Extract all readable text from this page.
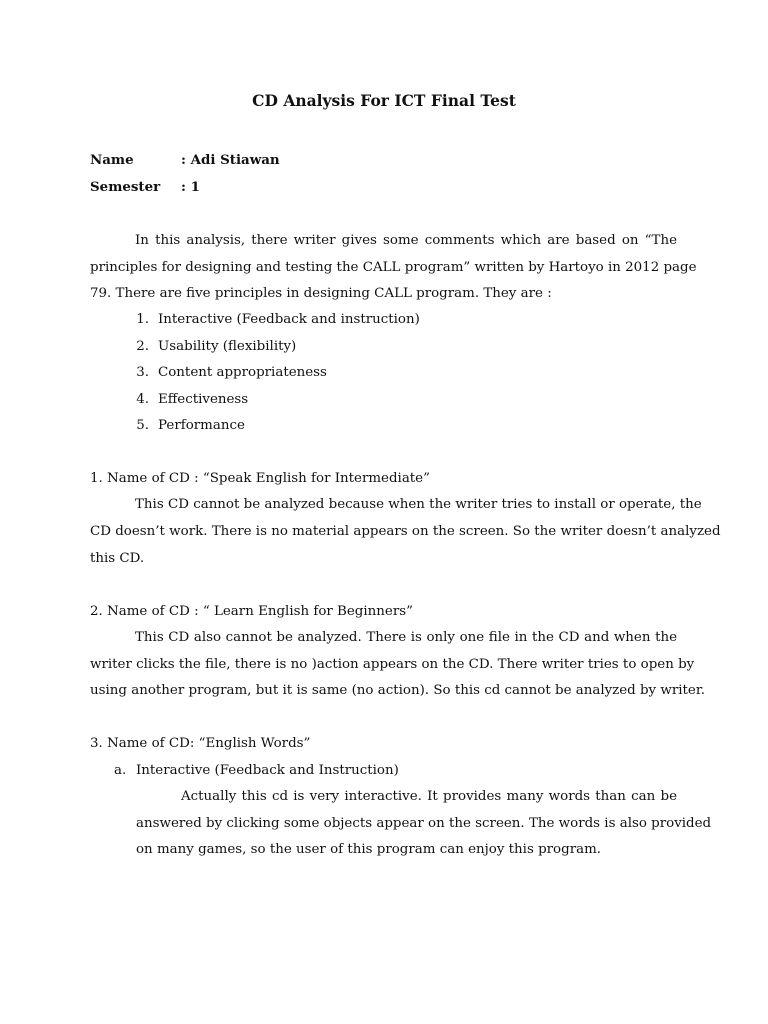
CD Analysis For ICT Final Test
Name	: Adi Stiawan
Semester : 1
In this analysis, there writer gives some comments which are based on “The
principles for designing and testing the CALL program” written by Hartoyo in 2012 page
79. There are five principles in designing CALL program. They are :
1. Interactive (Feedback and instruction)
2. Usability (flexibility)
3. Content appropriateness
4. Effectiveness
5. Performance
1. Name of CD : “Speak English for Intermediate”
This CD cannot be analyzed because when the writer tries to install or operate, the
CD doesn’t work. There is no material appears on the screen. So the writer doesn’t analyzed
this CD.
2. Name of CD : “ Learn English for Beginners”
This CD also cannot be analyzed. There is only one file in the CD and when the
writer clicks the file, there is no )action appears on the CD. There writer tries to open by
using another program, but it is same (no action). So this cd cannot be analyzed by writer.
3. Name of CD: “English Words”
a. Interactive (Feedback and Instruction)
Actually this cd is very interactive. It provides many words than can be
answered by clicking some objects appear on the screen. The words is also provided
on many games, so the user of this program can enjoy this program.
